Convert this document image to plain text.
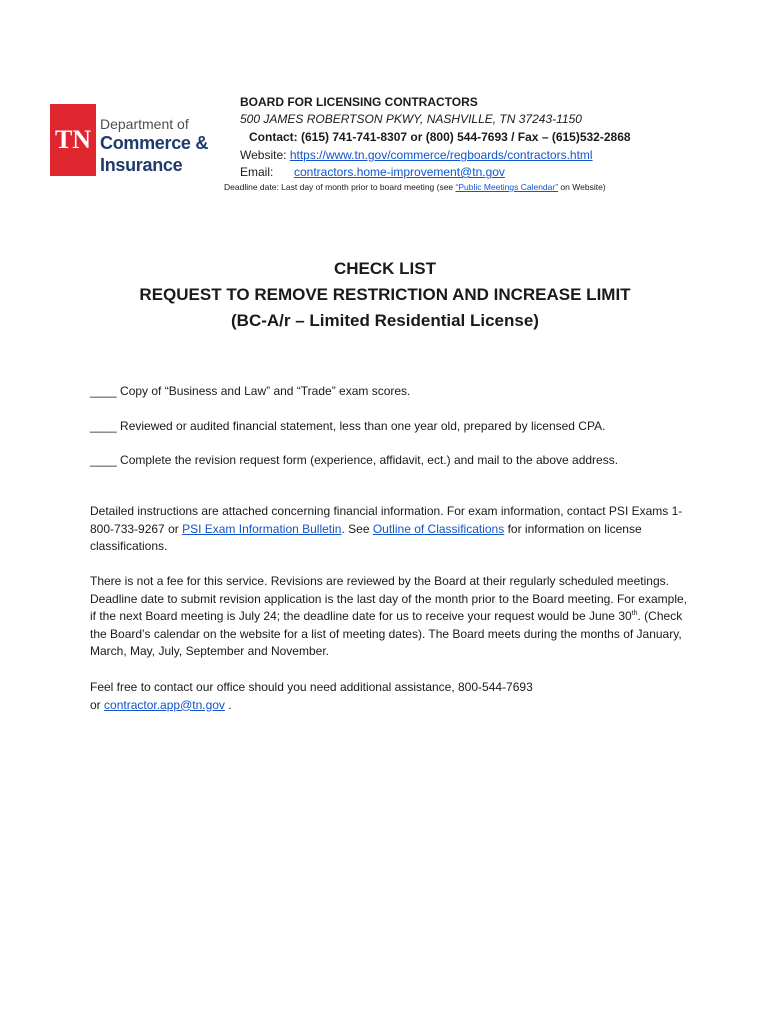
TN
Department of
Commerce &
Insurance
BOARD FOR LICENSING CONTRACTORS
500 JAMES ROBERTSON PKWY, NASHVILLE, TN 37243-1150
Contact: (615) 741-741-8307 or (800) 544-7693 / Fax – (615)532-2868
Website: https://www.tn.gov/commerce/regboards/contractors.html
Email: contractors.home-improvement@tn.gov
Deadline date: Last day of month prior to board meeting (see “Public Meetings Calendar” on Website)
CHECK LIST
REQUEST TO REMOVE RESTRICTION AND INCREASE LIMIT
(BC-A/r – Limited Residential License)
____ Copy of “Business and Law” and “Trade” exam scores.
____ Reviewed or audited financial statement, less than one year old, prepared by licensed CPA.
____ Complete the revision request form (experience, affidavit, ect.) and mail to the above address.
Detailed instructions are attached concerning financial information. For exam information, contact PSI Exams 1-800-733-9267 or PSI Exam Information Bulletin. See Outline of Classifications for information on license classifications.
There is not a fee for this service. Revisions are reviewed by the Board at their regularly scheduled meetings. Deadline date to submit revision application is the last day of the month prior to the Board meeting. For example, if the next Board meeting is July 24; the deadline date for us to receive your request would be June 30th. (Check the Board’s calendar on the website for a list of meeting dates). The Board meets during the months of January, March, May, July, September and November.
Feel free to contact our office should you need additional assistance, 800-544-7693
or contractor.app@tn.gov .
